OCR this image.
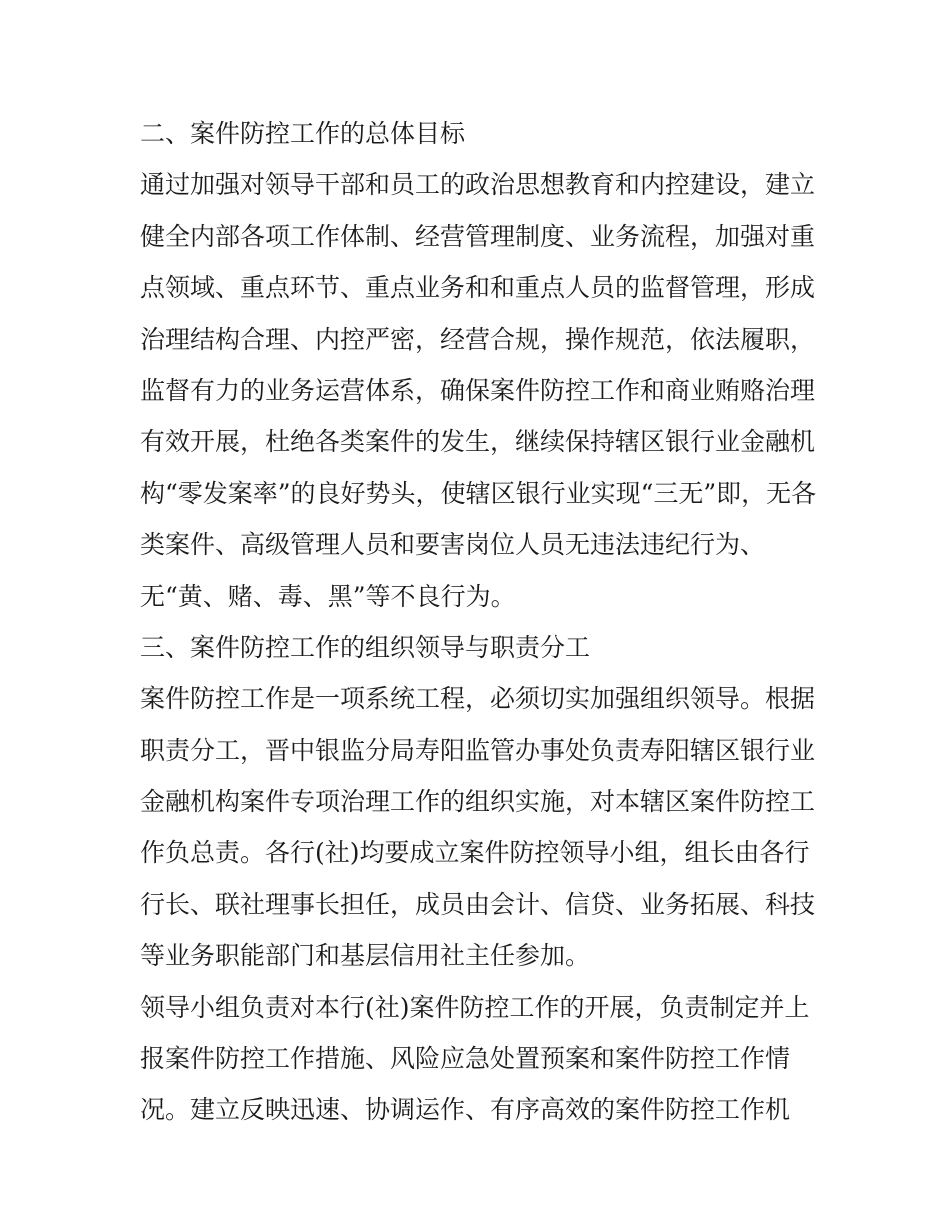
二、案件防控工作的总体目标
通过加强对领导干部和员工的政治思想教育和内控建设，建立
健全内部各项工作体制、经营管理制度、业务流程，加强对重
点领域、重点环节、重点业务和和重点人员的监督管理，形成
治理结构合理、内控严密，经营合规，操作规范，依法履职，
监督有力的业务运营体系，确保案件防控工作和商业贿赂治理
有效开展，杜绝各类案件的发生，继续保持辖区银行业金融机
构“零发案率”的良好势头，使辖区银行业实现“三无”即，无各
类案件、高级管理人员和要害岗位人员无违法违纪行为、
无“黄、赌、毒、黑”等不良行为。
三、案件防控工作的组织领导与职责分工
案件防控工作是一项系统工程，必须切实加强组织领导。根据
职责分工，晋中银监分局寿阳监管办事处负责寿阳辖区银行业
金融机构案件专项治理工作的组织实施，对本辖区案件防控工
作负总责。各行(社)均要成立案件防控领导小组，组长由各行
行长、联社理事长担任，成员由会计、信贷、业务拓展、科技
等业务职能部门和基层信用社主任参加。
领导小组负责对本行(社)案件防控工作的开展，负责制定并上
报案件防控工作措施、风险应急处置预案和案件防控工作情
况。建立反映迅速、协调运作、有序高效的案件防控工作机
